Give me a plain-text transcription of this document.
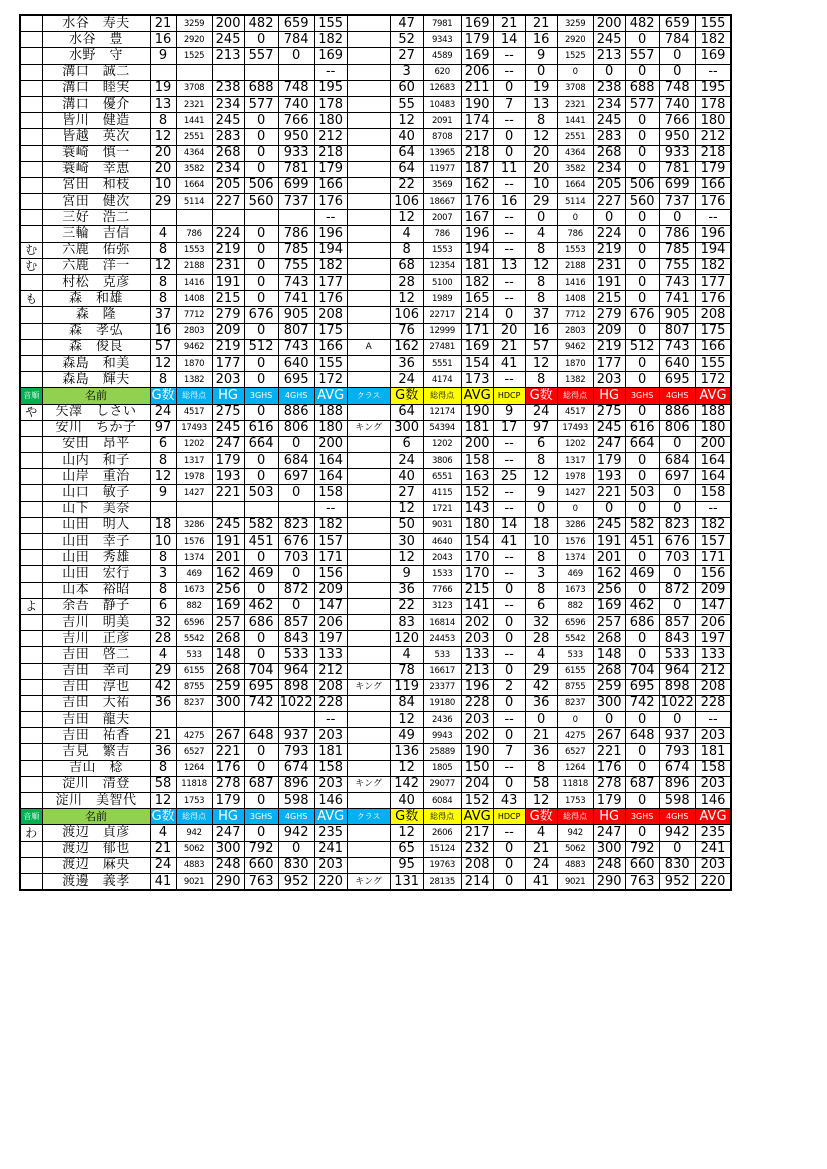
	水谷　寿夫	21	3259	200	482	659	155		47	7981	169	21	21	3259	200	482	659	155
	水谷　豊	16	2920	245	0	784	182		52	9343	179	14	16	2920	245	0	784	182
	水野　守	9	1525	213	557	0	169		27	4589	169	--	9	1525	213	557	0	169
	溝口　誠二						--		3	620	206	--	0	0	0	0	0	--
	溝口　睦実	19	3708	238	688	748	195		60	12683	211	0	19	3708	238	688	748	195
	溝口　優介	13	2321	234	577	740	178		55	10483	190	7	13	2321	234	577	740	178
	皆川　健造	8	1441	245	0	766	180		12	2091	174	--	8	1441	245	0	766	180
	皆越　英次	12	2551	283	0	950	212		40	8708	217	0	12	2551	283	0	950	212
	蓑崎　慎一	20	4364	268	0	933	218		64	13965	218	0	20	4364	268	0	933	218
	蓑崎　幸恵	20	3582	234	0	781	179		64	11977	187	11	20	3582	234	0	781	179
	宮田　和枝	10	1664	205	506	699	166		22	3569	162	--	10	1664	205	506	699	166
	宮田　健次	29	5114	227	560	737	176		106	18667	176	16	29	5114	227	560	737	176
	三好　浩二						--		12	2007	167	--	0	0	0	0	0	--
	三輪　吉信	4	786	224	0	786	196		4	786	196	--	4	786	224	0	786	196
む	六鹿　佑弥	8	1553	219	0	785	194		8	1553	194	--	8	1553	219	0	785	194
む	六鹿　洋一	12	2188	231	0	755	182		68	12354	181	13	12	2188	231	0	755	182
	村松　克彦	8	1416	191	0	743	177		28	5100	182	--	8	1416	191	0	743	177
も	森　和雄	8	1408	215	0	741	176		12	1989	165	--	8	1408	215	0	741	176
	森　隆	37	7712	279	676	905	208		106	22717	214	0	37	7712	279	676	905	208
	森　孝弘	16	2803	209	0	807	175		76	12999	171	20	16	2803	209	0	807	175
	森　俊良	57	9462	219	512	743	166	A	162	27481	169	21	57	9462	219	512	743	166
	森島　和美	12	1870	177	0	640	155		36	5551	154	41	12	1870	177	0	640	155
	森島　輝夫	8	1382	203	0	695	172		24	4174	173	--	8	1382	203	0	695	172
音順	名前	G数	総得点	HG	3GHS	4GHS	AVG	クラス	G数	総得点	AVG	HDCP	G数	総得点	HG	3GHS	4GHS	AVG
や	矢澤　しさい	24	4517	275	0	886	188		64	12174	190	9	24	4517	275	0	886	188
	安川　ちか子	97	17493	245	616	806	180	キング	300	54394	181	17	97	17493	245	616	806	180
	安田　昂平	6	1202	247	664	0	200		6	1202	200	--	6	1202	247	664	0	200
	山内　和子	8	1317	179	0	684	164		24	3806	158	--	8	1317	179	0	684	164
	山岸　重治	12	1978	193	0	697	164		40	6551	163	25	12	1978	193	0	697	164
	山口　敏子	9	1427	221	503	0	158		27	4115	152	--	9	1427	221	503	0	158
	山下　美奈						--		12	1721	143	--	0	0	0	0	0	--
	山田　明人	18	3286	245	582	823	182		50	9031	180	14	18	3286	245	582	823	182
	山田　幸子	10	1576	191	451	676	157		30	4640	154	41	10	1576	191	451	676	157
	山田　秀雄	8	1374	201	0	703	171		12	2043	170	--	8	1374	201	0	703	171
	山田　宏行	3	469	162	469	0	156		9	1533	170	--	3	469	162	469	0	156
	山本　裕昭	8	1673	256	0	872	209		36	7766	215	0	8	1673	256	0	872	209
よ	余吾　静子	6	882	169	462	0	147		22	3123	141	--	6	882	169	462	0	147
	吉川　明美	32	6596	257	686	857	206		83	16814	202	0	32	6596	257	686	857	206
	吉川　正彦	28	5542	268	0	843	197		120	24453	203	0	28	5542	268	0	843	197
	吉田　啓二	4	533	148	0	533	133		4	533	133	--	4	533	148	0	533	133
	吉田　幸司	29	6155	268	704	964	212		78	16617	213	0	29	6155	268	704	964	212
	吉田　淳也	42	8755	259	695	898	208	キング	119	23377	196	2	42	8755	259	695	898	208
	吉田　大祐	36	8237	300	742	1022	228		84	19180	228	0	36	8237	300	742	1022	228
	吉田　龍夫						--		12	2436	203	--	0	0	0	0	0	--
	吉田　祐香	21	4275	267	648	937	203		49	9943	202	0	21	4275	267	648	937	203
	吉見　繁吉	36	6527	221	0	793	181		136	25889	190	7	36	6527	221	0	793	181
	吉山　稔	8	1264	176	0	674	158		12	1805	150	--	8	1264	176	0	674	158
	淀川　清登	58	11818	278	687	896	203	キング	142	29077	204	0	58	11818	278	687	896	203
	淀川　美智代	12	1753	179	0	598	146		40	6084	152	43	12	1753	179	0	598	146
音順	名前	G数	総得点	HG	3GHS	4GHS	AVG	クラス	G数	総得点	AVG	HDCP	G数	総得点	HG	3GHS	4GHS	AVG
わ	渡辺　貞彦	4	942	247	0	942	235		12	2606	217	--	4	942	247	0	942	235
	渡辺　郁也	21	5062	300	792	0	241		65	15124	232	0	21	5062	300	792	0	241
	渡辺　麻央	24	4883	248	660	830	203		95	19763	208	0	24	4883	248	660	830	203
	渡邊　義孝	41	9021	290	763	952	220	キング	131	28135	214	0	41	9021	290	763	952	220
